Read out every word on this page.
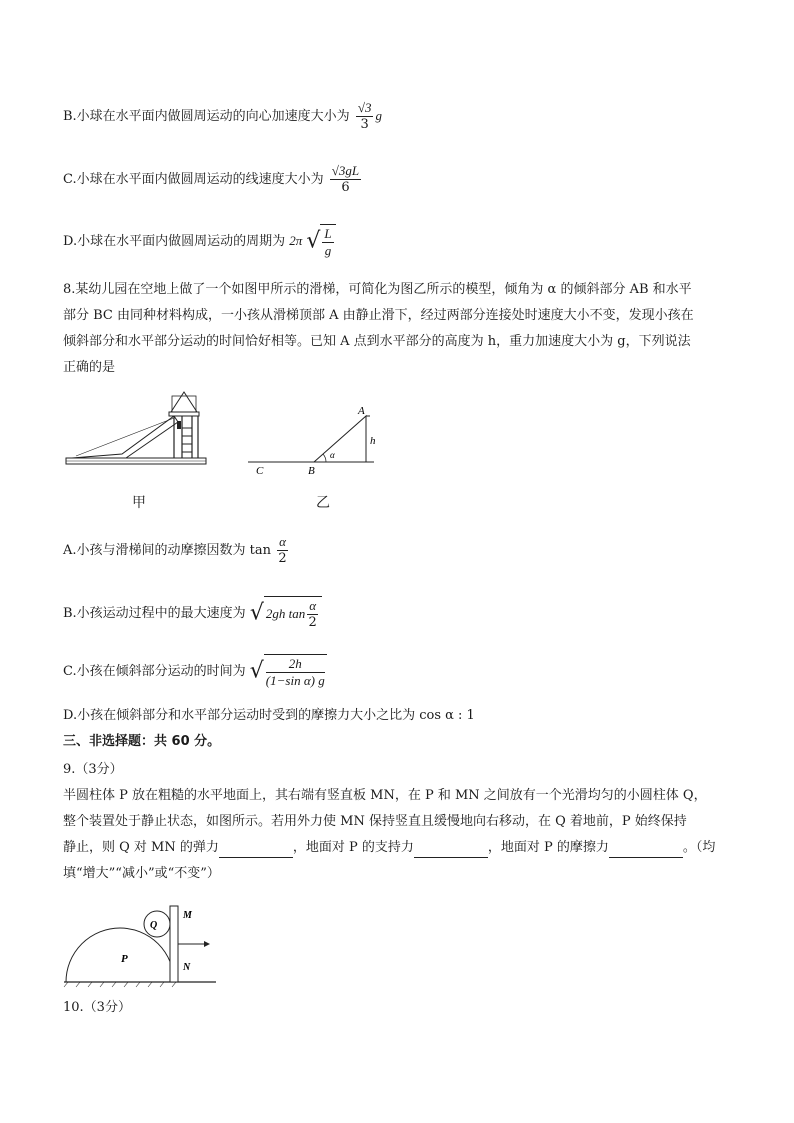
B.小球在水平面内做圆周运动的向心加速度大小为 $\frac{√3}{3}$ g
C.小球在水平面内做圆周运动的线速度大小为 $\frac{√3gL}{6}$
D.小球在水平面内做圆周运动的周期为 2π √ $\frac{L}{g}$
8.某幼儿园在空地上做了一个如图甲所示的滑梯，可简化为图乙所示的模型，倾角为 α 的倾斜部分 AB 和水平
部分 BC 由同种材料构成，一小孩从滑梯顶部 A 由静止滑下，经过两部分连接处时速度大小不变，发现小孩在
倾斜部分和水平部分运动的时间恰好相等。已知 A 点到水平部分的高度为 h，重力加速度大小为 g，下列说法
正确的是
甲
A
h
α
B
C
乙
A.小孩与滑梯间的动摩擦因数为 $\tan \frac{\alpha}{2}$
B.小孩运动过程中的最大速度为 √ 2gh $\tan \frac{\alpha}{2}$
C.小孩在倾斜部分运动的时间为 √ $\frac{2h}{\text{(1−sin α) g}}$
D.小孩在倾斜部分和水平部分运动时受到的摩擦力大小之比为 cos α : 1
三、非选择题：共 60 分。
9.（3分）
半圆柱体 P 放在粗糙的水平地面上，其右端有竖直板 MN，在 P 和 MN 之间放有一个光滑均匀的小圆柱体 Q，
整个装置处于静止状态，如图所示。若用外力使 MN 保持竖直且缓慢地向右移动，在 Q 着地前，P 始终保持
静止，则 Q 对 MN 的弹力	，地面对 P 的支持力	，地面对 P 的摩擦力	。（均
填“增大”“减小”或“不变”）
P
Q
M
N
10.（3分）
